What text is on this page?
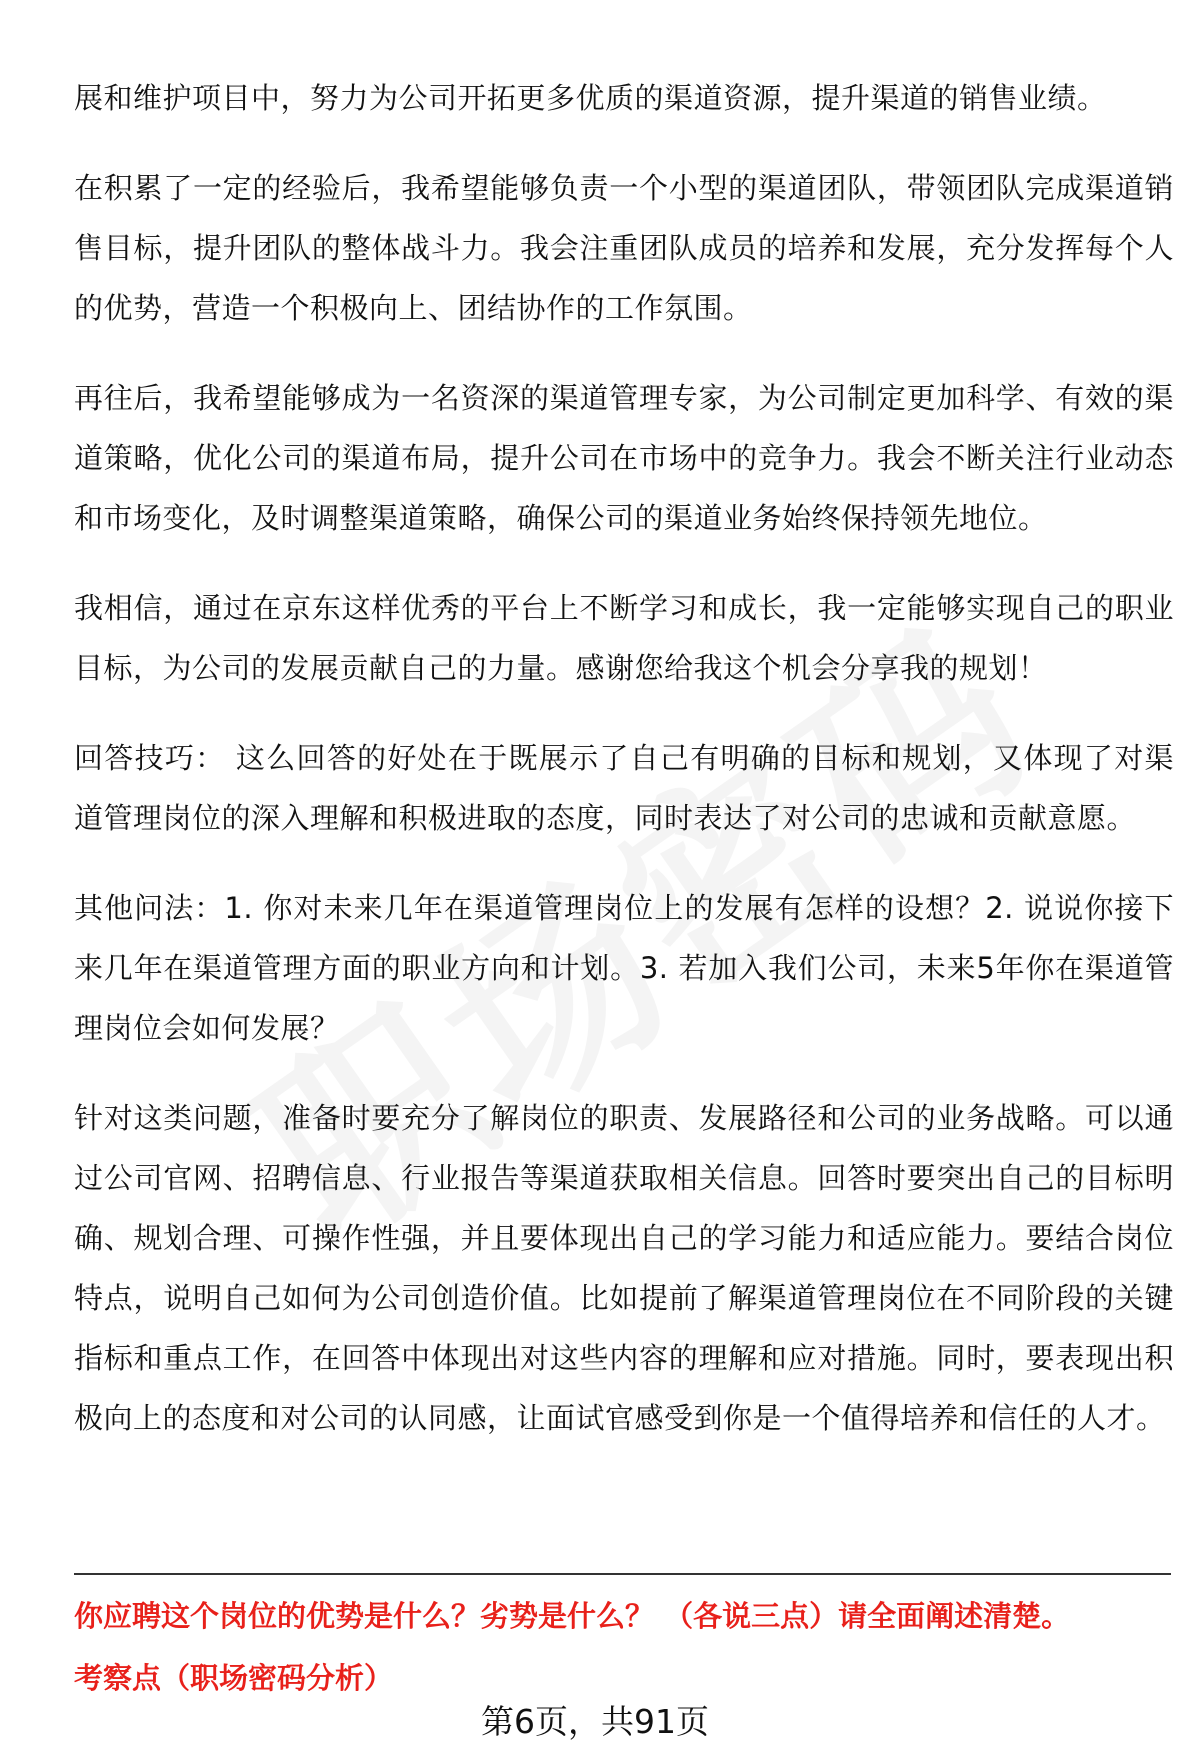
展和维护项目中，努力为公司开拓更多优质的渠道资源，提升渠道的销售业绩。

在积累了一定的经验后，我希望能够负责一个小型的渠道团队，带领团队完成渠道销售目标，提升团队的整体战斗力。我会注重团队成员的培养和发展，充分发挥每个人的优势，营造一个积极向上、团结协作的工作氛围。

再往后，我希望能够成为一名资深的渠道管理专家，为公司制定更加科学、有效的渠道策略，优化公司的渠道布局，提升公司在市场中的竞争力。我会不断关注行业动态和市场变化，及时调整渠道策略，确保公司的渠道业务始终保持领先地位。

我相信，通过在京东这样优秀的平台上不断学习和成长，我一定能够实现自己的职业目标，为公司的发展贡献自己的力量。感谢您给我这个机会分享我的规划！

回答技巧： 这么回答的好处在于既展示了自己有明确的目标和规划，又体现了对渠道管理岗位的深入理解和积极进取的态度，同时表达了对公司的忠诚和贡献意愿。

其他问法：1. 你对未来几年在渠道管理岗位上的发展有怎样的设想？2. 说说你接下来几年在渠道管理方面的职业方向和计划。3. 若加入我们公司，未来5年你在渠道管理岗位会如何发展？

针对这类问题，准备时要充分了解岗位的职责、发展路径和公司的业务战略。可以通过公司官网、招聘信息、行业报告等渠道获取相关信息。回答时要突出自己的目标明确、规划合理、可操作性强，并且要体现出自己的学习能力和适应能力。要结合岗位特点，说明自己如何为公司创造价值。比如提前了解渠道管理岗位在不同阶段的关键指标和重点工作，在回答中体现出对这些内容的理解和应对措施。同时，要表现出积极向上的态度和对公司的认同感，让面试官感受到你是一个值得培养和信任的人才。

你应聘这个岗位的优势是什么？劣势是什么？ （各说三点）请全面阐述清楚。
考察点（职场密码分析）
第6页，共91页
